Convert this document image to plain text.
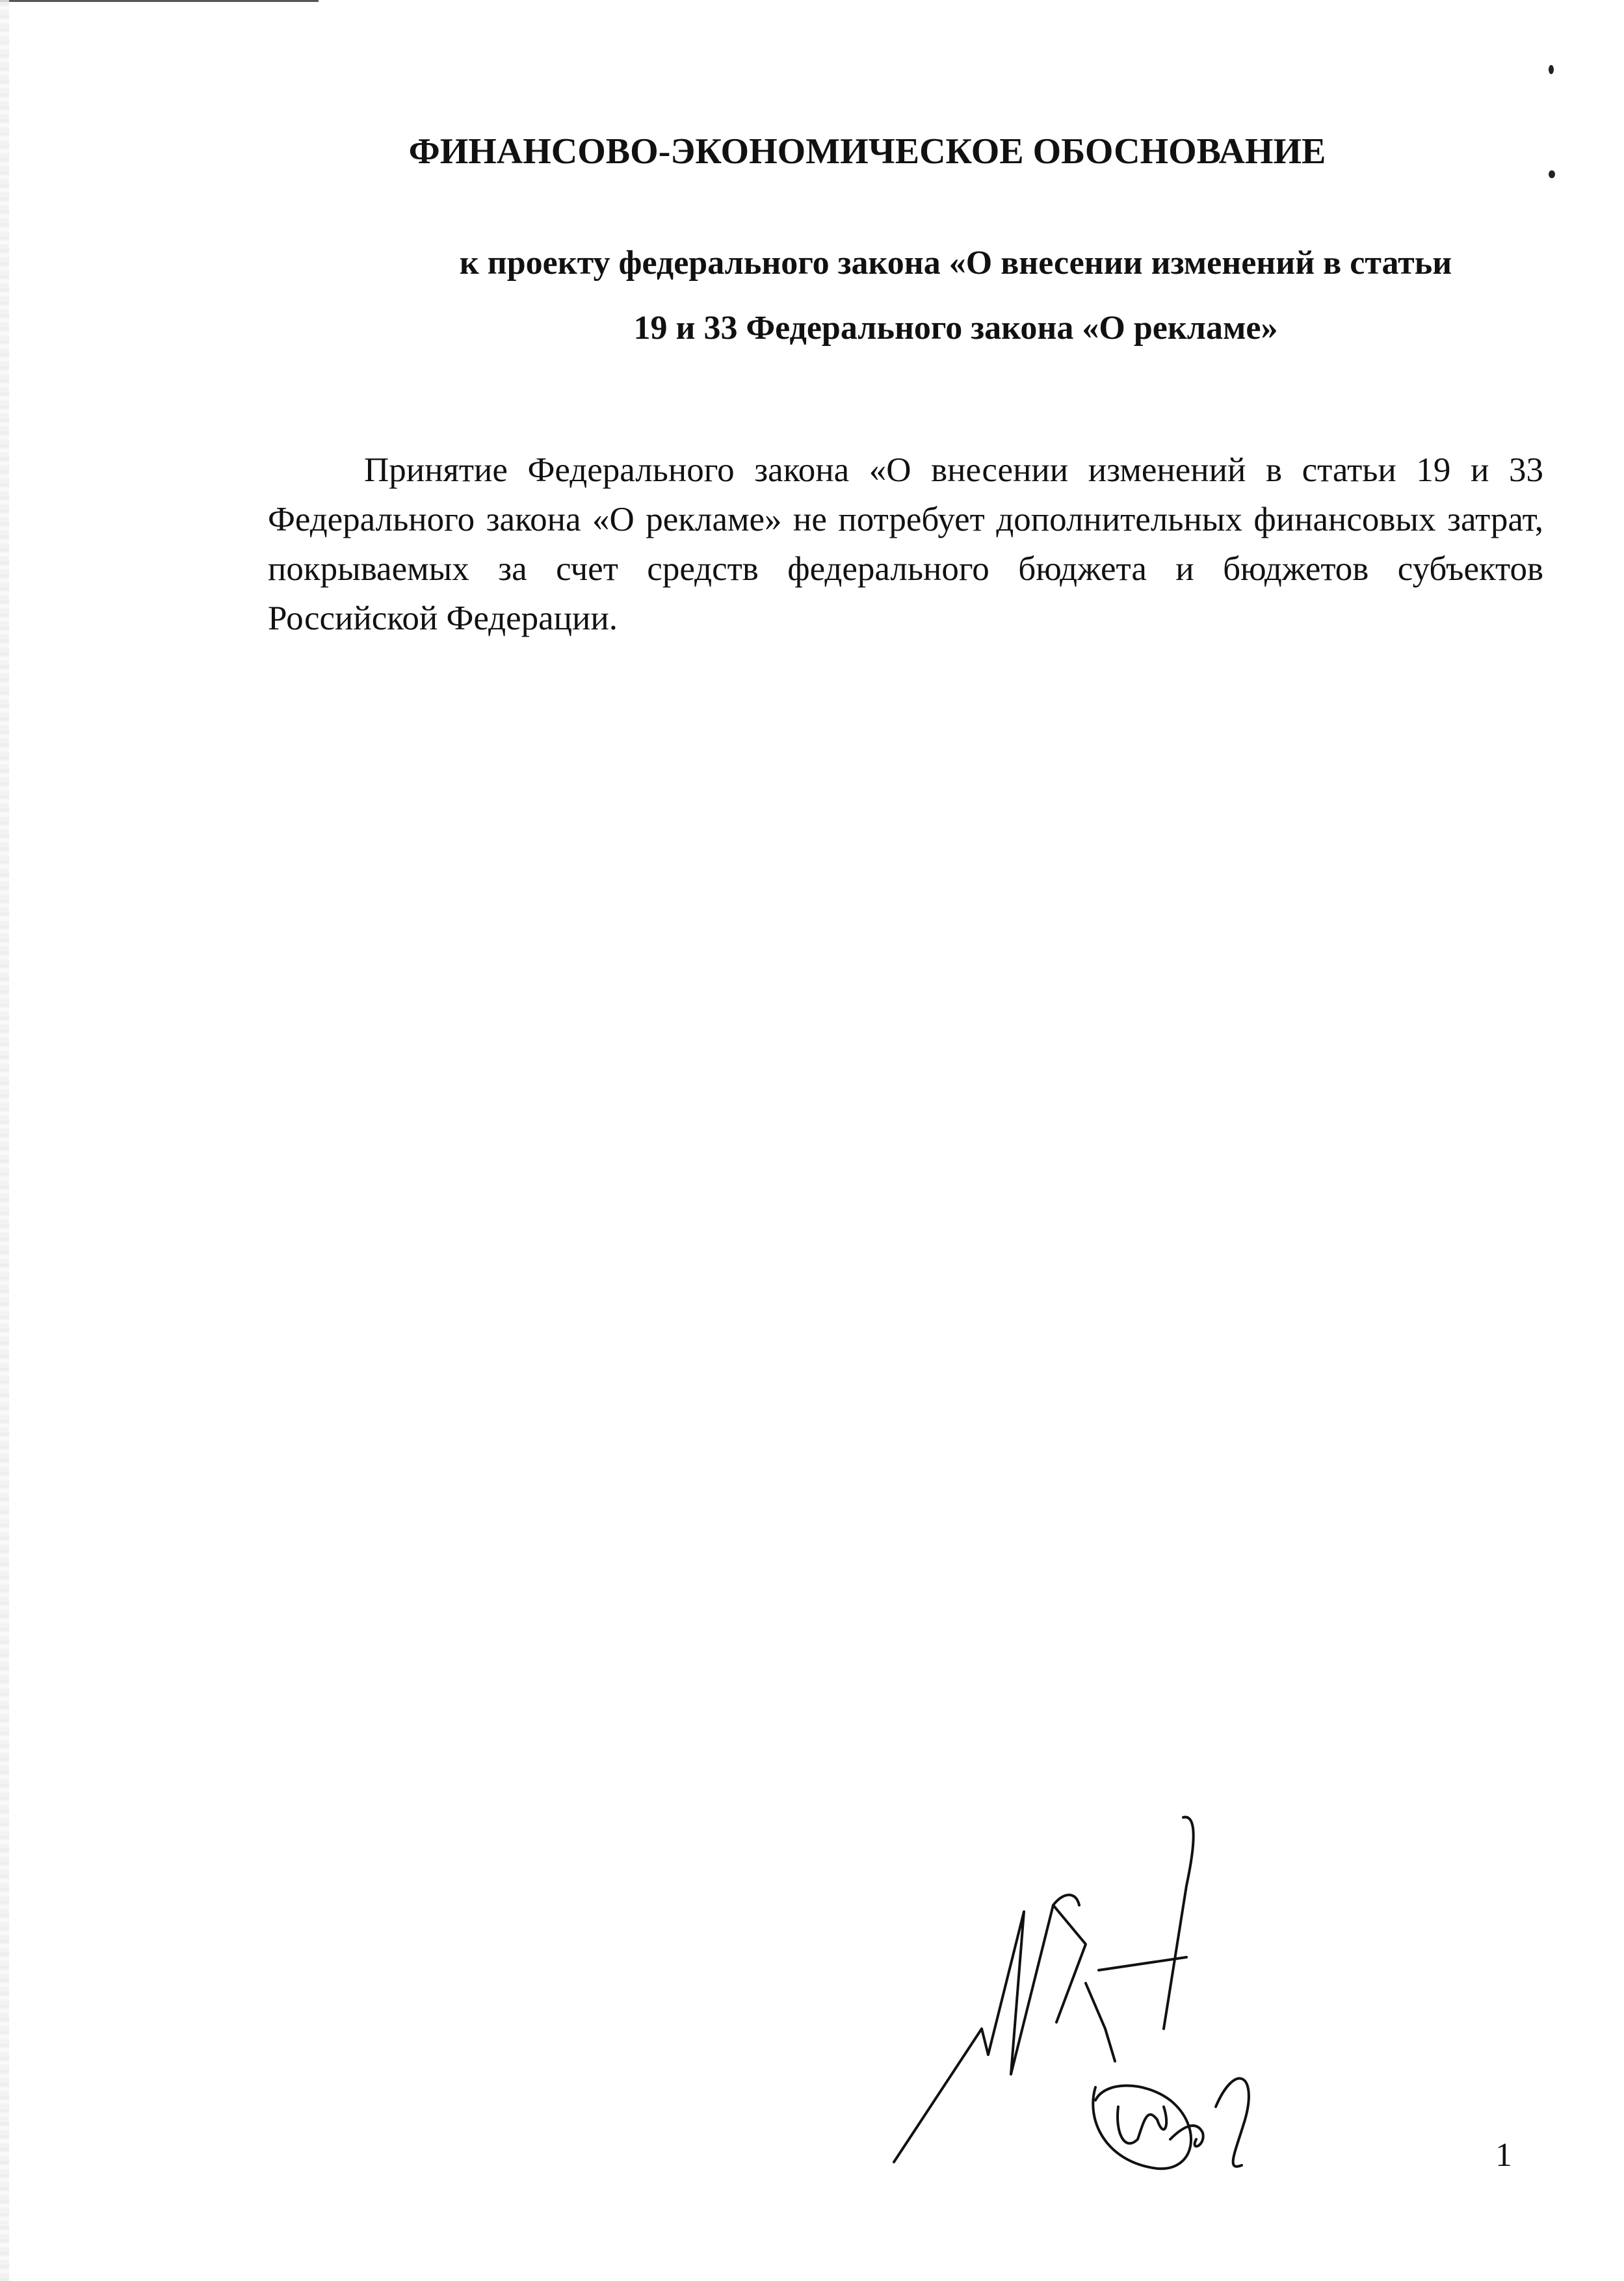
ФИНАНСОВО-ЭКОНОМИЧЕСКОЕ ОБОСНОВАНИЕ
к проекту федерального закона «О внесении изменений в статьи
19 и 33 Федерального закона «О рекламе»

Принятие Федерального закона «О внесении изменений в статьи 19 и 33 Федерального закона «О рекламе» не потребует дополнительных финансовых затрат, покрываемых за счет средств федерального бюджета и бюджетов субъектов Российской Федерации.

1
